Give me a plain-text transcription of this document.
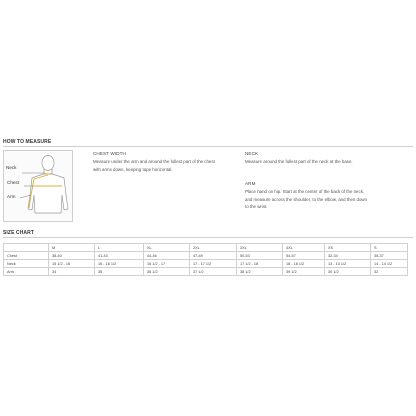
HOW TO MEASURE
Neck
Chest
Arm
CHEST WIDTH
Measure under the arm and around the fullest part of the chest
with arms down, keeping tape horizontal.
NECK
Measure around the fullest part of the neck at the base.
ARM
Place hand on hip. Start at the center of the back of the neck,
and measure across the shoulder, to the elbow, and then down
to the wrist.
SIZE CHART
	M	L	XL	2XL	3XL	4XL	XS	S
Chest	38-40	41-43	44-46	47-49	50-53	54-57	32-34	35-37
Neck	15 1/2 - 16	16 - 16 1/2	16 1/2 - 17	17 - 17 1/2	17 1/2 - 18	18 - 18 1/2	13 - 13 1/2	14 - 14 1/2
Arm	34	35	36 1/2	37 1/2	38 1/2	39 1/2	30 1/2	32
